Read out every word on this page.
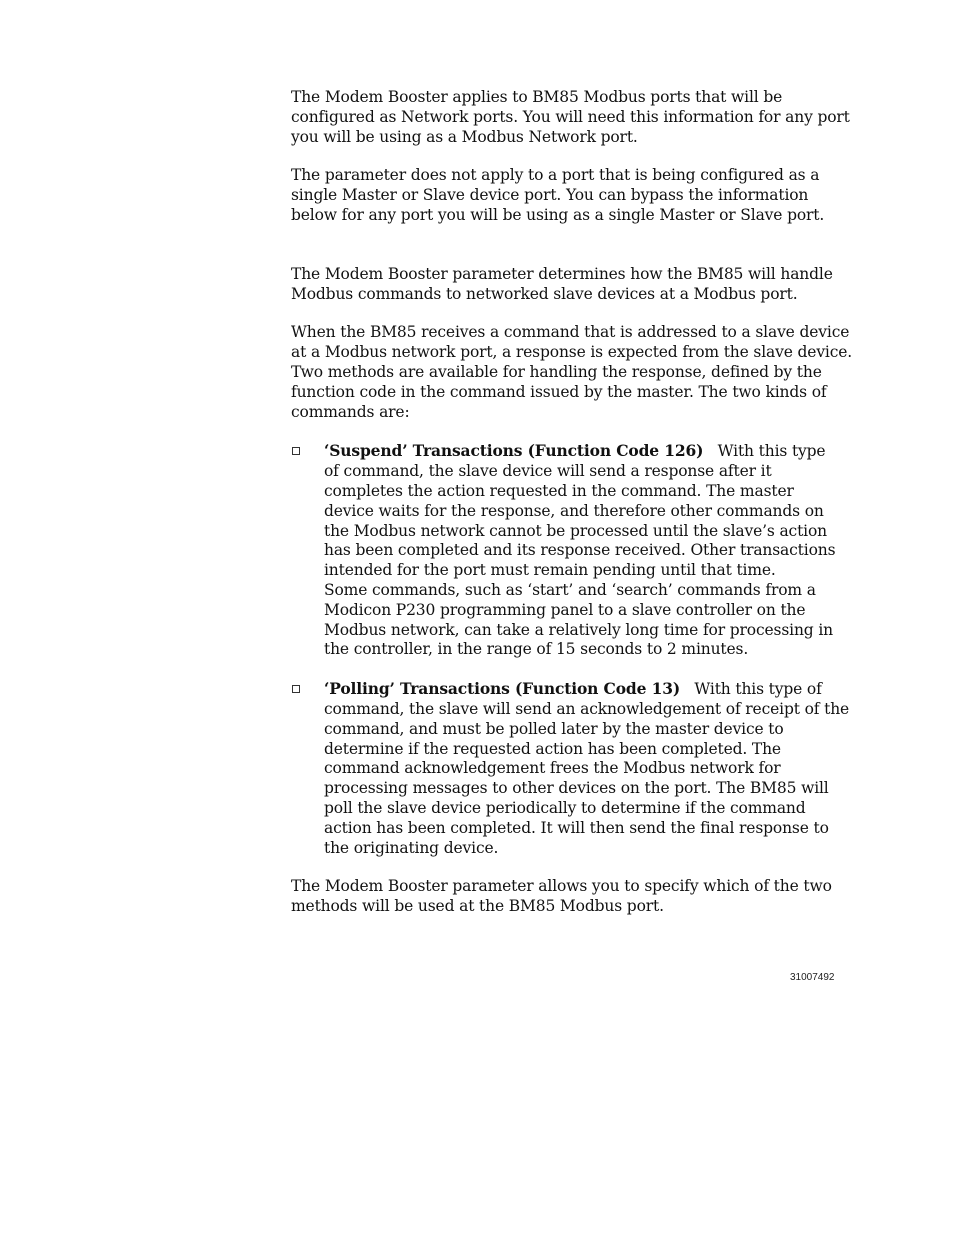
The Modem Booster applies to BM85 Modbus ports that will be
configured as Network ports. You will need this information for any port
you will be using as a Modbus Network port.

The parameter does not apply to a port that is being configured as a
single Master or Slave device port. You can bypass the information
below for any port you will be using as a single Master or Slave port.

The Modem Booster parameter determines how the BM85 will handle
Modbus commands to networked slave devices at a Modbus port.

When the BM85 receives a command that is addressed to a slave device
at a Modbus network port, a response is expected from the slave device.
Two methods are available for handling the response, defined by the
function code in the command issued by the master. The two kinds of
commands are:

‘Suspend’ Transactions (Function Code 126) With this type
of command, the slave device will send a response after it
completes the action requested in the command. The master
device waits for the response, and therefore other commands on
the Modbus network cannot be processed until the slave’s action
has been completed and its response received. Other transactions
intended for the port must remain pending until that time.
Some commands, such as ‘start’ and ‘search’ commands from a
Modicon P230 programming panel to a slave controller on the
Modbus network, can take a relatively long time for processing in
the controller, in the range of 15 seconds to 2 minutes.
‘Polling’ Transactions (Function Code 13) With this type of
command, the slave will send an acknowledgement of receipt of the
command, and must be polled later by the master device to
determine if the requested action has been completed. The
command acknowledgement frees the Modbus network for
processing messages to other devices on the port. The BM85 will
poll the slave device periodically to determine if the command
action has been completed. It will then send the final response to
the originating device.

The Modem Booster parameter allows you to specify which of the two
methods will be used at the BM85 Modbus port.

31007492
